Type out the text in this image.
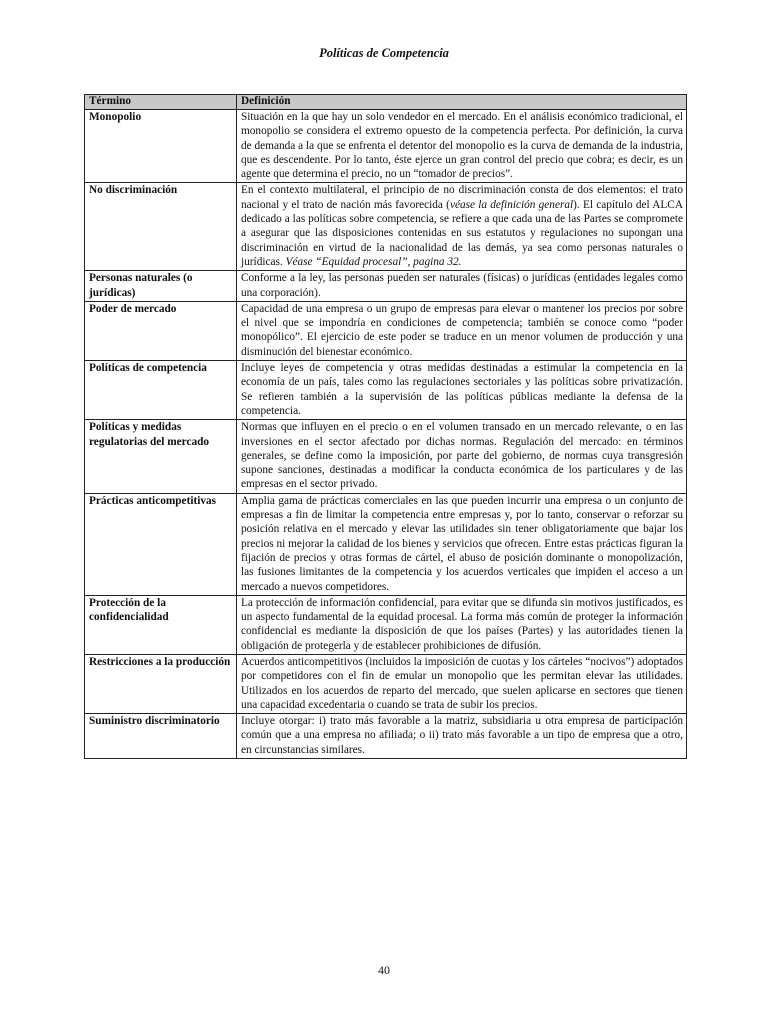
Políticas de Competencia
Término	Definición
Monopolio	Situación en la que hay un solo vendedor en el mercado. En el análisis económico tradicional, el monopolio se considera el extremo opuesto de la competencia perfecta. Por definición, la curva de demanda a la que se enfrenta el detentor del monopolio es la curva de demanda de la industria, que es descendente. Por lo tanto, éste ejerce un gran control del precio que cobra; es decir, es un agente que determina el precio, no un “tomador de precios”.
No discriminación	En el contexto multilateral, el principio de no discriminación consta de dos elementos: el trato nacional y el trato de nación más favorecida (véase la definición general). El capítulo del ALCA dedicado a las políticas sobre competencia, se refiere a que cada una de las Partes se compromete a asegurar que las disposiciones contenidas en sus estatutos y regulaciones no supongan una discriminación en virtud de la nacionalidad de las demás, ya sea como personas naturales o jurídicas. Véase “Equidad procesal”, pagina 32.
Personas naturales (o jurídicas)	Conforme a la ley, las personas pueden ser naturales (físicas) o jurídicas (entidades legales como una corporación).
Poder de mercado	Capacidad de una empresa o un grupo de empresas para elevar o mantener los precios por sobre el nivel que se impondría en condiciones de competencia; también se conoce como “poder monopólico”. El ejercicio de este poder se traduce en un menor volumen de producción y una disminución del bienestar económico.
Políticas de competencia	Incluye leyes de competencia y otras medidas destinadas a estimular la competencia en la economía de un país, tales como las regulaciones sectoriales y las políticas sobre privatización. Se refieren también a la supervisión de las políticas públicas mediante la defensa de la competencia.
Políticas y medidas regulatorias del mercado	Normas que influyen en el precio o en el volumen transado en un mercado relevante, o en las inversiones en el sector afectado por dichas normas. Regulación del mercado: en términos generales, se define como la imposición, por parte del gobierno, de normas cuya transgresión supone sanciones, destinadas a modificar la conducta económica de los particulares y de las empresas en el sector privado.
Prácticas anticompetitivas	Amplia gama de prácticas comerciales en las que pueden incurrir una empresa o un conjunto de empresas a fin de limitar la competencia entre empresas y, por lo tanto, conservar o reforzar su posición relativa en el mercado y elevar las utilidades sin tener obligatoriamente que bajar los precios ni mejorar la calidad de los bienes y servicios que ofrecen. Entre estas prácticas figuran la fijación de precios y otras formas de cártel, el abuso de posición dominante o monopolización, las fusiones limitantes de la competencia y los acuerdos verticales que impiden el acceso a un mercado a nuevos competidores.
Protección de la confidencialidad	La protección de información confidencial, para evitar que se difunda sin motivos justificados, es un aspecto fundamental de la equidad procesal. La forma más común de proteger la información confidencial es mediante la disposición de que los países (Partes) y las autoridades tienen la obligación de protegerla y de establecer prohibiciones de difusión.
Restricciones a la producción	Acuerdos anticompetitivos (incluidos la imposición de cuotas y los cárteles “nocivos”) adoptados por competidores con el fin de emular un monopolio que les permitan elevar las utilidades. Utilizados en los acuerdos de reparto del mercado, que suelen aplicarse en sectores que tienen una capacidad excedentaria o cuando se trata de subir los precios.
Suministro discriminatorio	Incluye otorgar: i) trato más favorable a la matriz, subsidiaria u otra empresa de participación común que a una empresa no afiliada; o ii) trato más favorable a un tipo de empresa que a otro, en circunstancias similares.
40
